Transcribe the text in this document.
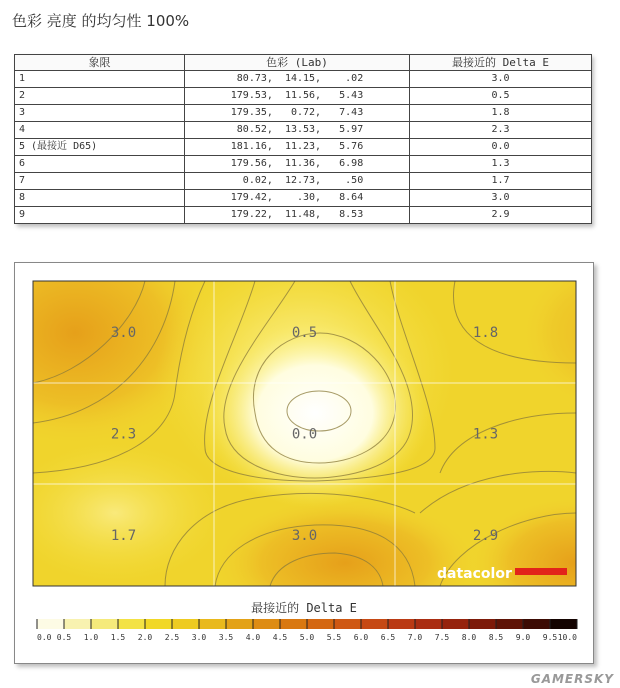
色彩 亮度 的均匀性 100%
象限	色彩 (Lab)	最接近的 Delta E
1	80.73,  14.15,    .02	3.0
2	179.53,  11.56,   5.43	0.5
3	179.35,   0.72,   7.43	1.8
4	80.52,  13.53,   5.97	2.3
5 (最接近 D65)	181.16,  11.23,   5.76	0.0
6	179.56,  11.36,   6.98	1.3
7	0.02,  12.73,    .50	1.7
8	179.42,    .30,   8.64	3.0
9	179.22,  11.48,   8.53	2.9
3.0	0.5	1.8
2.3	0.0	1.3
1.7	3.0	2.9
datacolor
最接近的 Delta E
0.0 0.5 1.0 1.5 2.0 2.5 3.0 3.5 4.0 4.5 5.0 5.5 6.0 6.5 7.0 7.5 8.0 8.5 9.0 9.5 10.0
GAMERSKY
